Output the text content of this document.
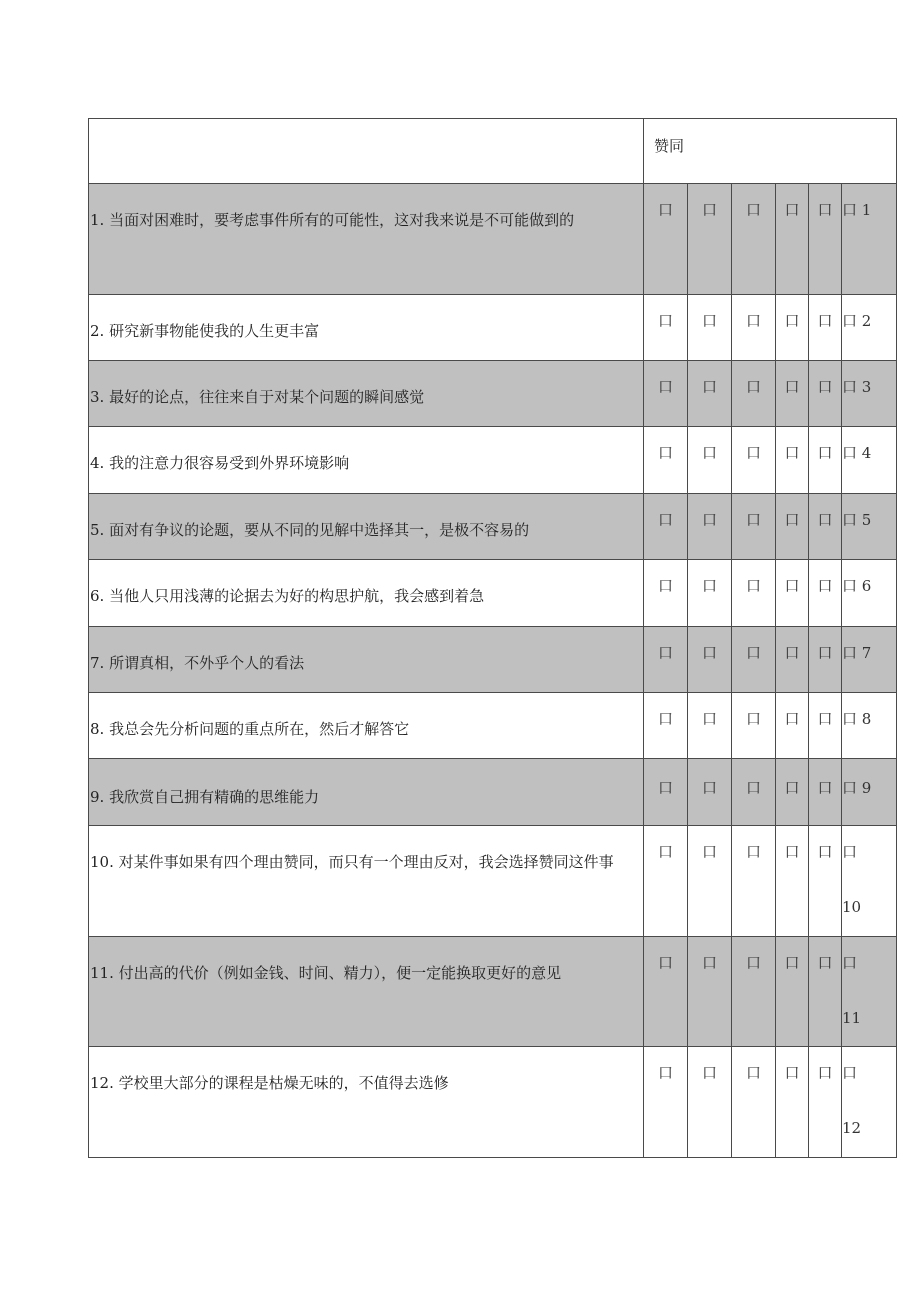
	赞同					

1. 当面对困难时，要考虑事件所有的可能性，这对我来说是不可能做到的	口	口	口	口	口	口 1

2. 研究新事物能使我的人生更丰富	口	口	口	口	口	口 2

3. 最好的论点，往往来自于对某个问题的瞬间感觉	口	口	口	口	口	口 3

4. 我的注意力很容易受到外界环境影响	口	口	口	口	口	口 4

5. 面对有争议的论题，要从不同的见解中选择其一，是极不容易的	口	口	口	口	口	口 5

6. 当他人只用浅薄的论据去为好的构思护航，我会感到着急	口	口	口	口	口	口 6

7. 所谓真相，不外乎个人的看法	口	口	口	口	口	口 7

8. 我总会先分析问题的重点所在，然后才解答它	口	口	口	口	口	口 8

9. 我欣赏自己拥有精确的思维能力	口	口	口	口	口	口 9

10. 对某件事如果有四个理由赞同，而只有一个理由反对，我会选择赞同这件事	口	口	口	口	口	口
10

11. 付出高的代价（例如金钱、时间、精力），便一定能换取更好的意见	口	口	口	口	口	口
11

12. 学校里大部分的课程是枯燥无味的，不值得去选修	口	口	口	口	口	口
12
